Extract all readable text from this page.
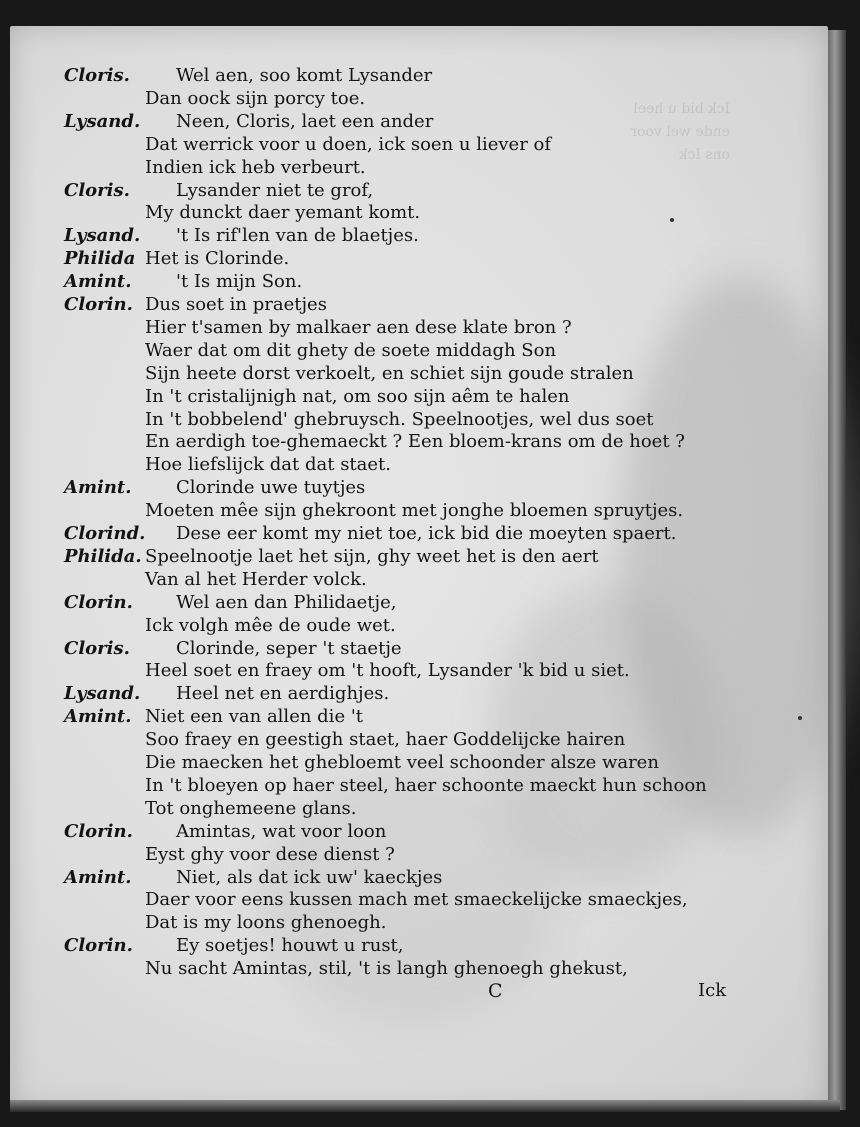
Ick bid u heel
ende wel voor
ons Ick
Cloris.	Wel aen, soo komt Lysander
Dan oock sijn porcy toe.
Lysand. Neen, Cloris, laet een ander
Dat werrick voor u doen, ick soen u liever of
Indien ick heb verbeurt.
Cloris.	Lysander niet te grof,
My dunckt daer yemant komt.
Lysand. 't Is rif'len van de blaetjes.
Philida Het is Clorinde.
Amint. 't Is mijn Son.
Clorin. Dus soet in praetjes
Hier t'samen by malkaer aen dese klate bron ?
Waer dat om dit ghety de soete middagh Son
Sijn heete dorst verkoelt, en schiet sijn goude stralen
In 't cristalijnigh nat, om soo sijn aêm te halen
In 't bobbelend' ghebruysch. Speelnootjes, wel dus soet
En aerdigh toe-ghemaeckt ? Een bloem-krans om de hoet ?
Hoe liefslijck dat dat staet.
Amint. Clorinde uwe tuytjes
Moeten mêe sijn ghekroont met jonghe bloemen spruytjes.
Clorind. Dese eer komt my niet toe, ick bid die moeyten spaert.
Philida. Speelnootje laet het sijn, ghy weet het is den aert
Van al het Herder volck.
Clorin. Wel aen dan Philidaetje,
Ick volgh mêe de oude wet.
Cloris.	Clorinde, seper 't staetje
Heel soet en fraey om 't hooft, Lysander 'k bid u siet.
Lysand. Heel net en aerdighjes.
Amint. Niet een van allen die 't
Soo fraey en geestigh staet, haer Goddelijcke hairen
Die maecken het ghebloemt veel schoonder alsze waren
In 't bloeyen op haer steel, haer schoonte maeckt hun schoon
Tot onghemeene glans.
Clorin. Amintas, wat voor loon
Eyst ghy voor dese dienst ?
Amint. Niet, als dat ick uw' kaeckjes
Daer voor eens kussen mach met smaeckelijcke smaeckjes,
Dat is my loons ghenoegh.
Clorin. Ey soetjes! houwt u rust,
Nu sacht Amintas, stil, 't is langh ghenoegh ghekust,
C	Ick
